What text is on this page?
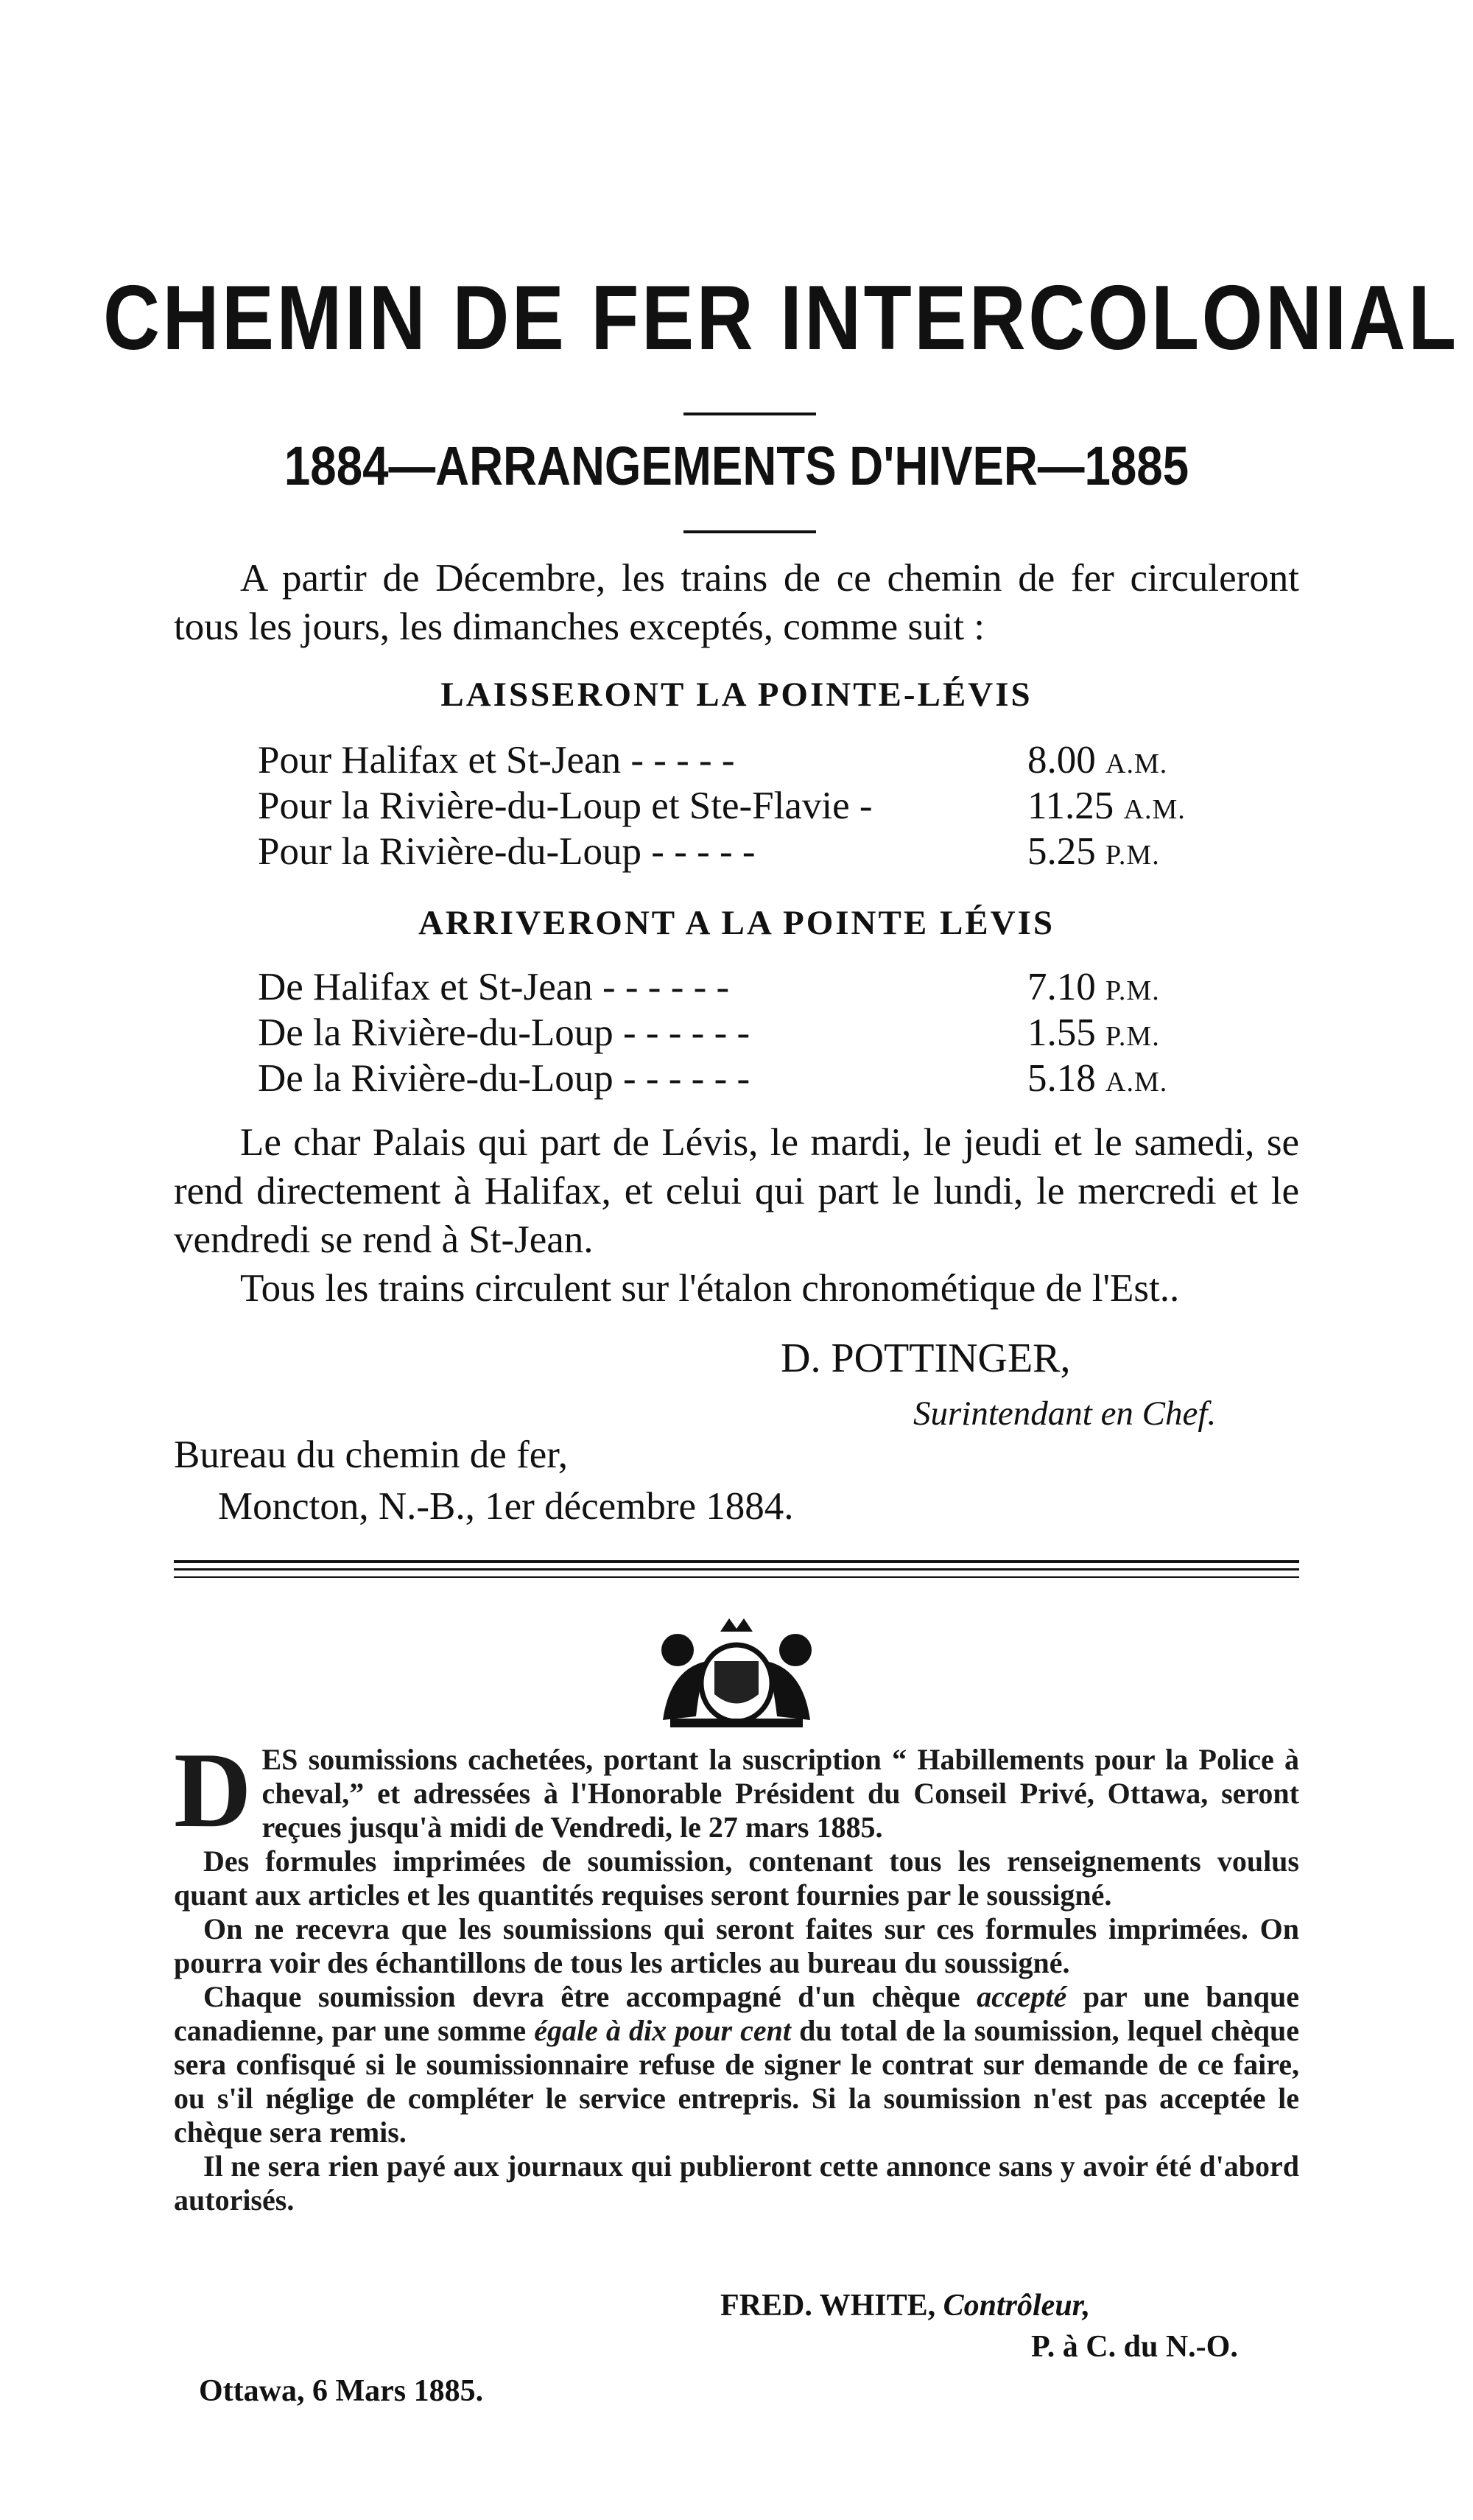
CHEMIN DE FER INTERCOLONIAL
1884—ARRANGEMENTS D'HIVER—1885
A partir de Décembre, les trains de ce chemin de fer circuleront tous les jours, les dimanches exceptés, comme suit :
LAISSERONT LA POINTE-LÉVIS
Pour Halifax et St-Jean - - - - -	8.00 A.M.
Pour la Rivière-du-Loup et Ste-Flavie -	11.25 A.M.
Pour la Rivière-du-Loup - - - - -	5.25 P.M.
ARRIVERONT A LA POINTE LÉVIS
De Halifax et St-Jean - - - - - -	7.10 P.M.
De la Rivière-du-Loup - - - - - -	1.55 P.M.
De la Rivière-du-Loup - - - - - -	5.18 A.M.
Le char Palais qui part de Lévis, le mardi, le jeudi et le samedi, se rend directement à Halifax, et celui qui part le lundi, le mercredi et le vendredi se rend à St-Jean.
Tous les trains circulent sur l'étalon chronométique de l'Est..
D. POTTINGER,
Surintendant en Chef.
Bureau du chemin de fer,
Moncton, N.-B., 1er décembre 1884.

DES soumissions cachetées, portant la suscription “ Habillements pour la Police à cheval,” et adressées à l'Honorable Président du Conseil Privé, Ottawa, seront reçues jusqu'à midi de Vendredi, le 27 mars 1885.

Des formules imprimées de soumission, contenant tous les renseignements voulus quant aux articles et les quantités requises seront fournies par le soussigné.

On ne recevra que les soumissions qui seront faites sur ces formules imprimées. On pourra voir des échantillons de tous les articles au bureau du soussigné.

Chaque soumission devra être accompagné d'un chèque accepté par une banque canadienne, par une somme égale à dix pour cent du total de la soumission, lequel chèque sera confisqué si le soumissionnaire refuse de signer le contrat sur demande de ce faire, ou s'il néglige de compléter le service entrepris. Si la soumission n'est pas acceptée le chèque sera remis.

Il ne sera rien payé aux journaux qui publieront cette annonce sans y avoir été d'abord autorisés.

FRED. WHITE, Contrôleur,
P. à C. du N.-O.
Ottawa, 6 Mars 1885.
